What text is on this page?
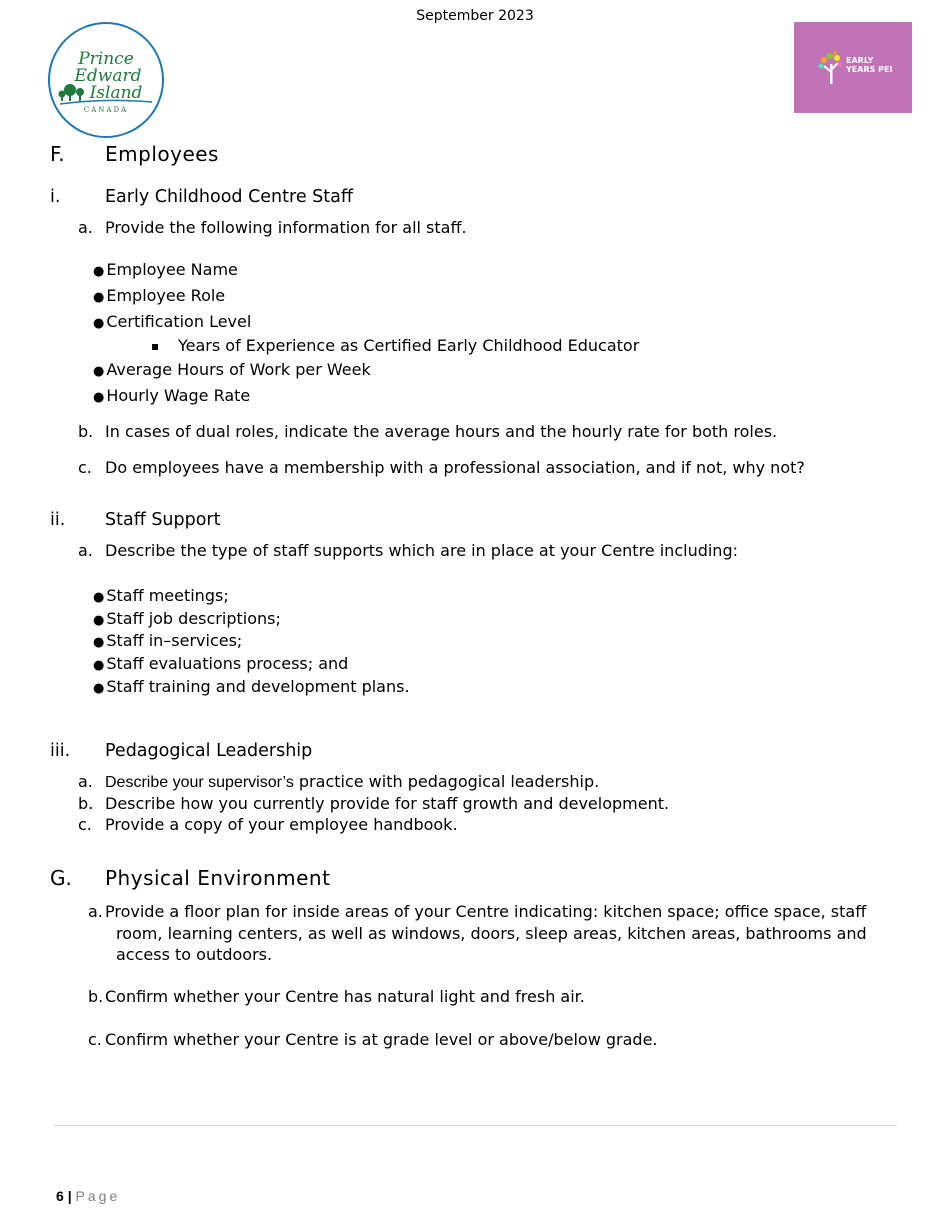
September 2023
Prince
Edward
Island
CANADA
EARLY
YEARS PEI
F. Employees
i.	Early Childhood Centre Staff
a. Provide the following information for all staff.
● Employee Name
● Employee Role
● Certification Level
Years of Experience as Certified Early Childhood Educator
● Average Hours of Work per Week
● Hourly Wage Rate
b. In cases of dual roles, indicate the average hours and the hourly rate for both roles.
c. Do employees have a membership with a professional association, and if not, why not?
ii. Staff Support
a. Describe the type of staff supports which are in place at your Centre including:
● Staff meetings;
● Staff job descriptions;
● Staff in–services;
● Staff evaluations process; and
● Staff training and development plans.
iii. Pedagogical Leadership
a. Describe your supervisor’s practice with pedagogical leadership.
b. Describe how you currently provide for staff growth and development.
c. Provide a copy of your employee handbook.
G. Physical Environment
a. Provide a floor plan for inside areas of your Centre indicating: kitchen space; office space, staff room, learning centers, as well as windows, doors, sleep areas, kitchen areas, bathrooms and access to outdoors.
b. Confirm whether your Centre has natural light and fresh air.
c. Confirm whether your Centre is at grade level or above/below grade.
6 | Page
